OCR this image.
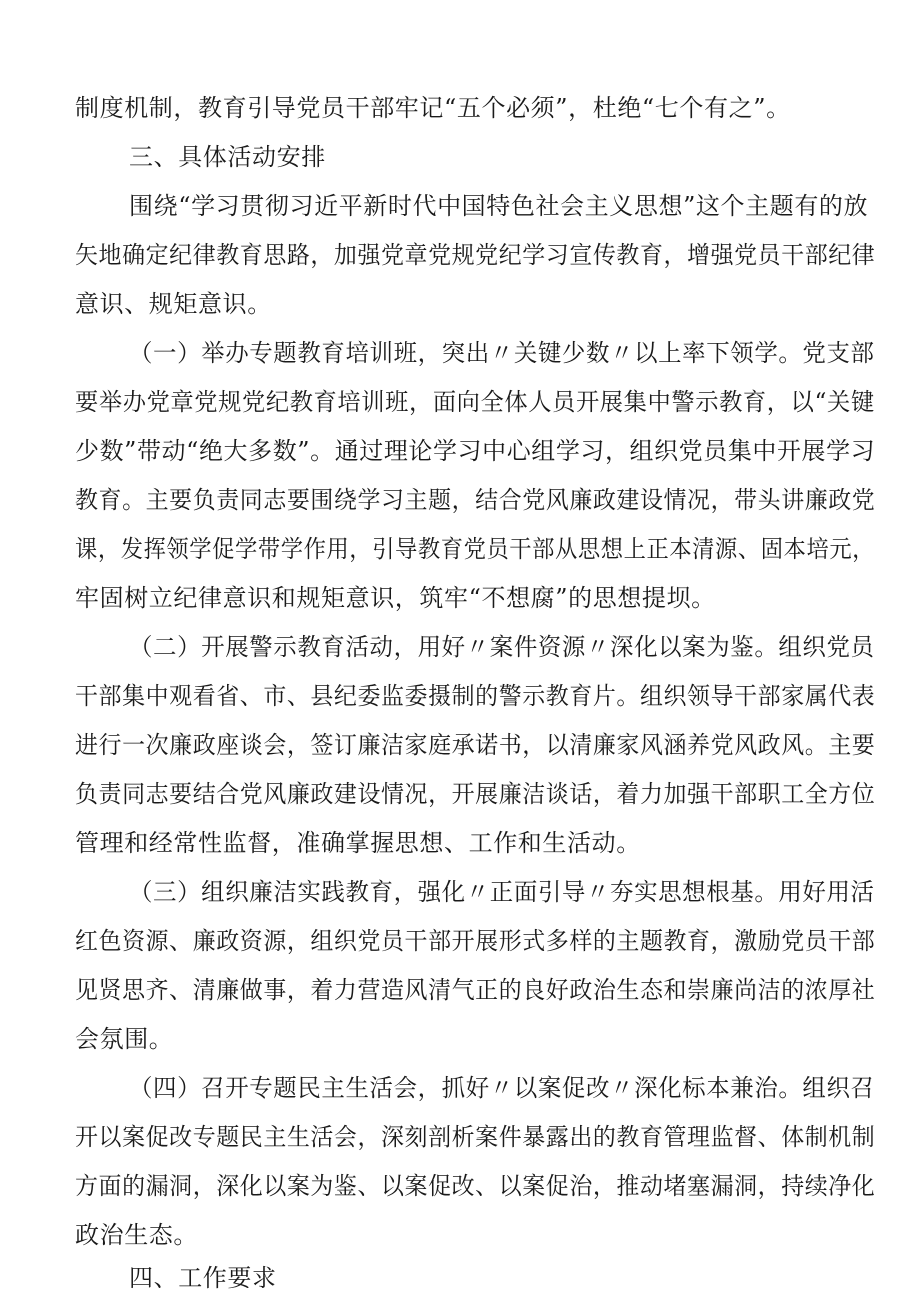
制度机制，教育引导党员干部牢记“五个必须”，杜绝“七个有之”。
三、具体活动安排
围绕“学习贯彻习近平新时代中国特色社会主义思想”这个主题有的放
矢地确定纪律教育思路，加强党章党规党纪学习宣传教育，增强党员干部纪律
意识、规矩意识。
（一）举办专题教育培训班，突出〃关键少数〃以上率下领学。党支部
要举办党章党规党纪教育培训班，面向全体人员开展集中警示教育，以“关键
少数”带动“绝大多数”。通过理论学习中心组学习，组织党员集中开展学习
教育。主要负责同志要围绕学习主题，结合党风廉政建设情况，带头讲廉政党
课，发挥领学促学带学作用，引导教育党员干部从思想上正本清源、固本培元，
牢固树立纪律意识和规矩意识，筑牢“不想腐”的思想提坝。
（二）开展警示教育活动，用好〃案件资源〃深化以案为鉴。组织党员
干部集中观看省、市、县纪委监委摄制的警示教育片。组织领导干部家属代表
进行一次廉政座谈会，签订廉洁家庭承诺书，以清廉家风涵养党风政风。主要
负责同志要结合党风廉政建设情况，开展廉洁谈话，着力加强干部职工全方位
管理和经常性监督，准确掌握思想、工作和生活动。
（三）组织廉洁实践教育，强化〃正面引导〃夯实思想根基。用好用活
红色资源、廉政资源，组织党员干部开展形式多样的主题教育，激励党员干部
见贤思齐、清廉做事，着力营造风清气正的良好政治生态和崇廉尚洁的浓厚社
会氛围。
（四）召开专题民主生活会，抓好〃以案促改〃深化标本兼治。组织召
开以案促改专题民主生活会，深刻剖析案件暴露出的教育管理监督、体制机制
方面的漏洞，深化以案为鉴、以案促改、以案促治，推动堵塞漏洞，持续净化
政治生态。
四、工作要求
